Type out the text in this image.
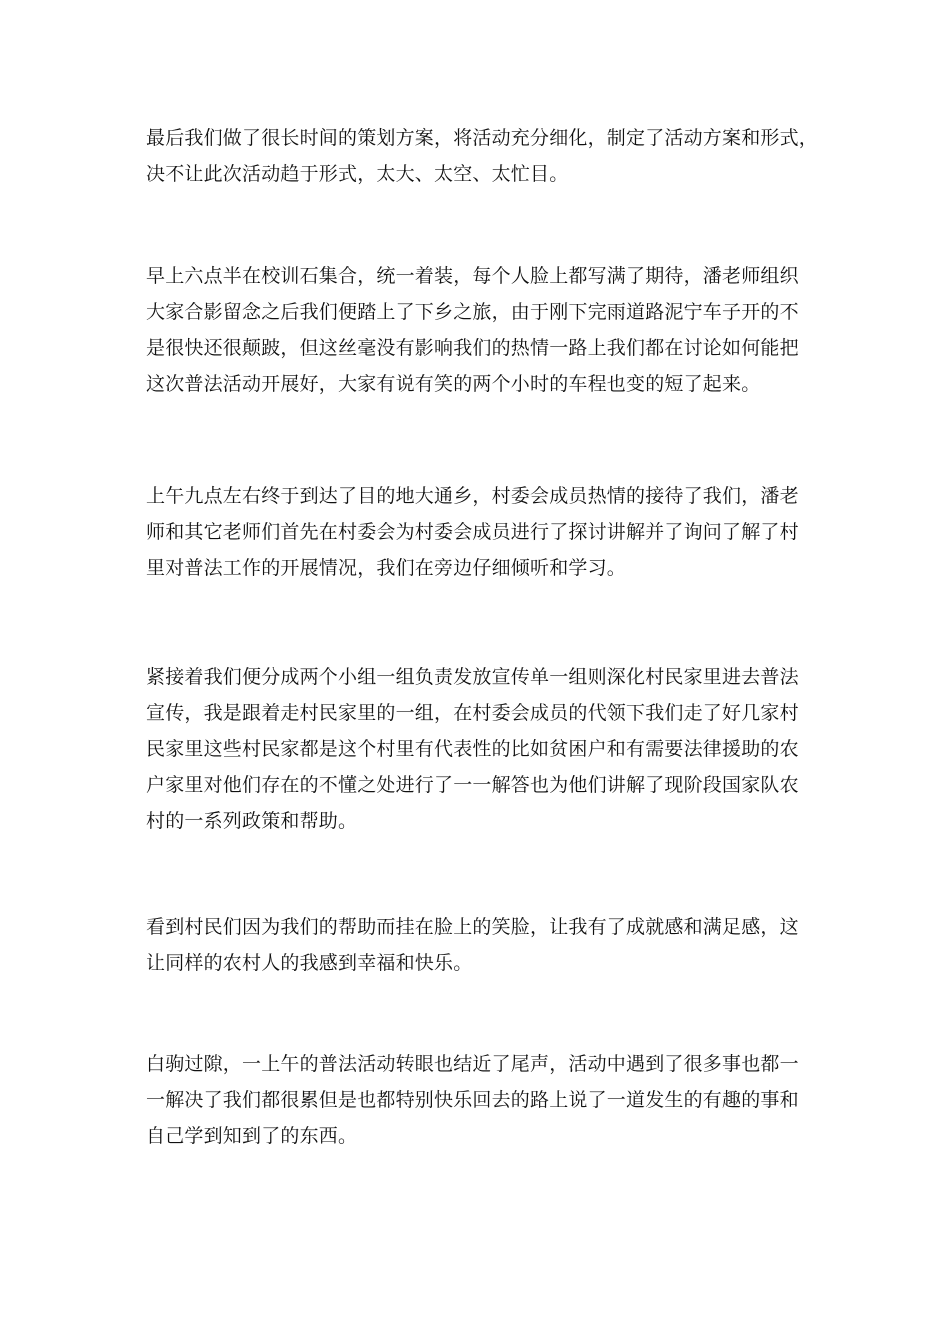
最后我们做了很长时间的策划方案，将活动充分细化，制定了活动方案和形式，
决不让此次活动趋于形式，太大、太空、太忙目。

早上六点半在校训石集合，统一着装，每个人脸上都写满了期待，潘老师组织
大家合影留念之后我们便踏上了下乡之旅，由于刚下完雨道路泥宁车子开的不
是很快还很颠跛，但这丝毫没有影响我们的热情一路上我们都在讨论如何能把
这次普法活动开展好，大家有说有笑的两个小时的车程也变的短了起来。

上午九点左右终于到达了目的地大通乡，村委会成员热情的接待了我们，潘老
师和其它老师们首先在村委会为村委会成员进行了探讨讲解并了询问了解了村
里对普法工作的开展情况，我们在旁边仔细倾听和学习。

紧接着我们便分成两个小组一组负责发放宣传单一组则深化村民家里进去普法
宣传，我是跟着走村民家里的一组，在村委会成员的代领下我们走了好几家村
民家里这些村民家都是这个村里有代表性的比如贫困户和有需要法律援助的农
户家里对他们存在的不懂之处进行了一一解答也为他们讲解了现阶段国家队农
村的一系列政策和帮助。

看到村民们因为我们的帮助而挂在脸上的笑脸，让我有了成就感和满足感，这
让同样的农村人的我感到幸福和快乐。

白驹过隙，一上午的普法活动转眼也结近了尾声，活动中遇到了很多事也都一
一解决了我们都很累但是也都特别快乐回去的路上说了一道发生的有趣的事和
自己学到知到了的东西。
